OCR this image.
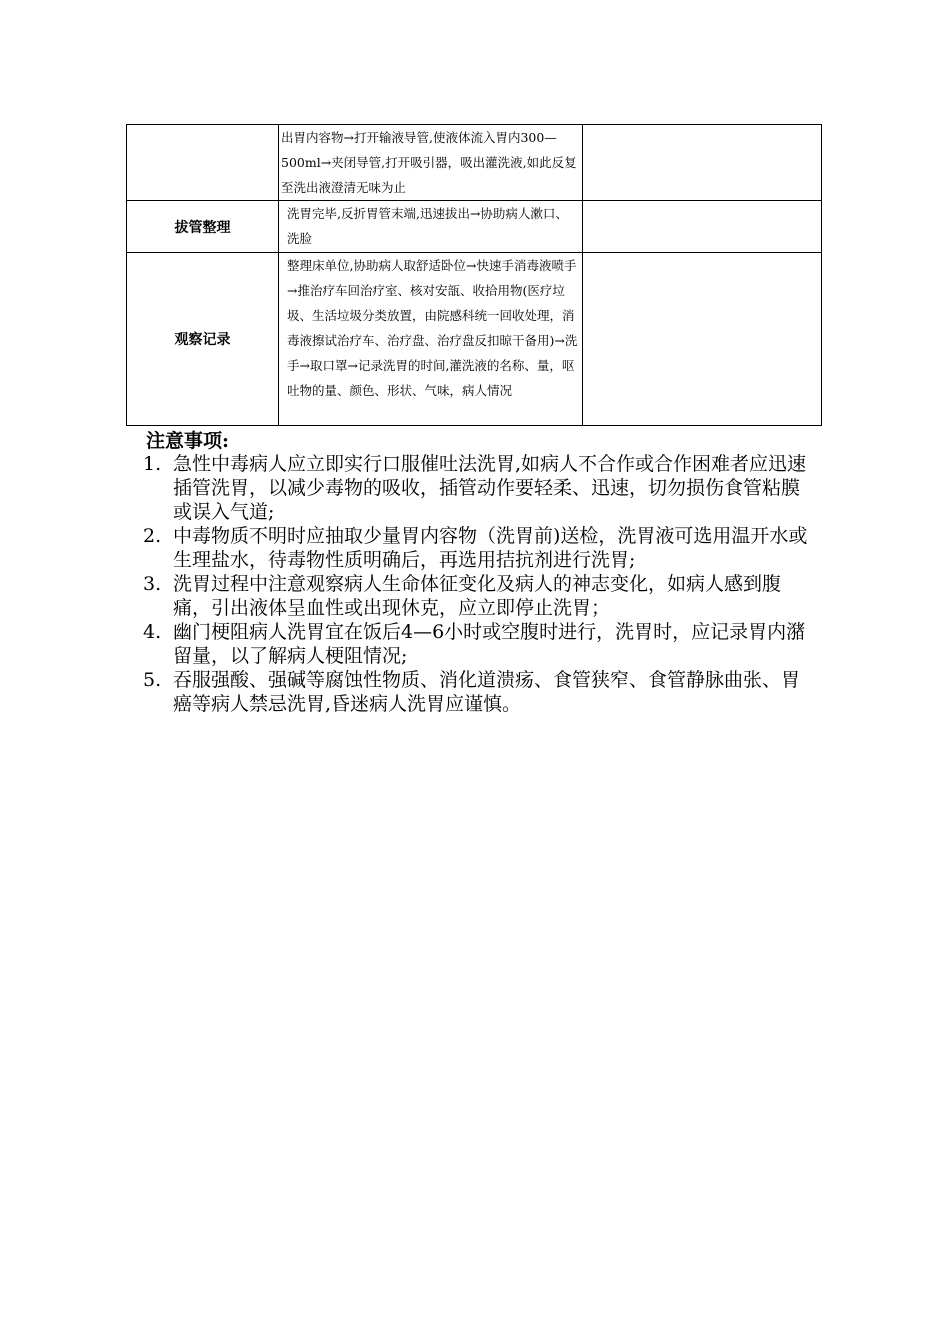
	出胃内容物→打开输液导管,使液体流入胃内300—500ml→夹闭导管,打开吸引器，吸出灌洗液,如此反复至洗出液澄清无味为止	
拔管整理	洗胃完毕,反折胃管末端,迅速拔出→协助病人漱口、洗脸	
观察记录	整理床单位,协助病人取舒适卧位→快速手消毒液喷手→推治疗车回治疗室、核对安瓿、收拾用物(医疗垃圾、生活垃圾分类放置，由院感科统一回收处理，消毒液擦试治疗车、治疗盘、治疗盘反扣晾干备用)→洗手→取口罩→记录洗胃的时间,灌洗液的名称、量，呕吐物的量、颜色、形状、气味，病人情况	
注意事项:
1. 急性中毒病人应立即实行口服催吐法洗胃,如病人不合作或合作困难者应迅速插管洗胃，以减少毒物的吸收，插管动作要轻柔、迅速，切勿损伤食管粘膜或误入气道;
2. 中毒物质不明时应抽取少量胃内容物（洗胃前)送检，洗胃液可选用温开水或生理盐水，待毒物性质明确后，再选用拮抗剂进行洗胃;
3. 洗胃过程中注意观察病人生命体征变化及病人的神志变化，如病人感到腹痛，引出液体呈血性或出现休克，应立即停止洗胃；
4. 幽门梗阻病人洗胃宜在饭后4—6小时或空腹时进行，洗胃时，应记录胃内潴留量，以了解病人梗阻情况;
5. 吞服强酸、强碱等腐蚀性物质、消化道溃疡、食管狭窄、食管静脉曲张、胃癌等病人禁忌洗胃,昏迷病人洗胃应谨慎。
